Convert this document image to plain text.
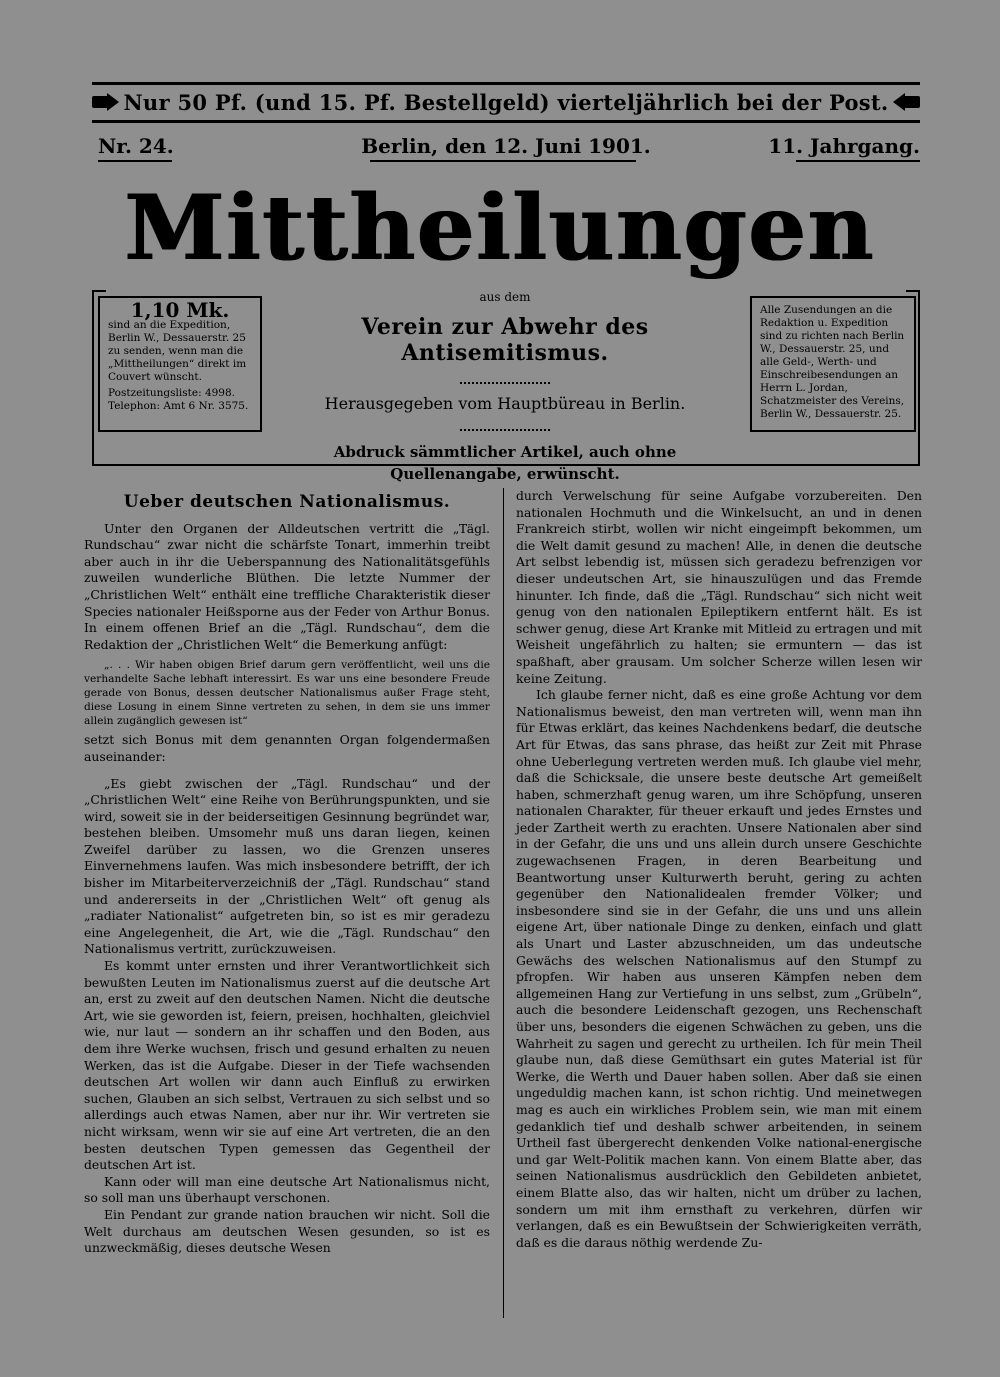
Nur 50 Pf. (und 15. Pf. Bestellgeld) vierteljährlich bei der Post.
Nr. 24.	Berlin, den 12. Juni 1901.	11. Jahrgang.
Mittheilungen
1,10 Mk.

sind an die Expedition, Berlin W., Dessauerstr. 25 zu senden, wenn man die „Mittheilungen“ direkt im Couvert wünscht.

Postzeitungsliste: 4998.

Telephon: Amt 6 Nr. 3575.

Alle Zusendungen an die Redaktion u. Expedition sind zu richten nach Berlin W., Dessauerstr. 25, und alle Geld-, Werth- und Einschreibesendungen an Herrn L. Jordan, Schatzmeister des Vereins, Berlin W., Dessauerstr. 25.

aus dem
Verein zur Abwehr des Antisemitismus.
Herausgegeben vom Hauptbüreau in Berlin.
Abdruck sämmtlicher Artikel, auch ohne Quellenangabe, erwünscht.
Ueber deutschen Nationalismus.

Unter den Organen der Alldeutschen vertritt die „Tägl. Rundschau“ zwar nicht die schärfste Tonart, immerhin treibt aber auch in ihr die Ueberspannung des Nationalitätsgefühls zuweilen wunderliche Blüthen. Die letzte Nummer der „Christlichen Welt“ enthält eine treffliche Charakteristik dieser Species nationaler Heißsporne aus der Feder von Arthur Bonus. In einem offenen Brief an die „Tägl. Rundschau“, dem die Redaktion der „Christlichen Welt“ die Bemerkung anfügt:

„. . . Wir haben obigen Brief darum gern veröffentlicht, weil uns die verhandelte Sache lebhaft interessirt. Es war uns eine besondere Freude gerade von Bonus, dessen deutscher Nationalismus außer Frage steht, diese Losung in einem Sinne vertreten zu sehen, in dem sie uns immer allein zugänglich gewesen ist“

setzt sich Bonus mit dem genannten Organ folgendermaßen auseinander:

„Es giebt zwischen der „Tägl. Rundschau“ und der „Christlichen Welt“ eine Reihe von Berührungspunkten, und sie wird, soweit sie in der beiderseitigen Gesinnung begründet war, bestehen bleiben. Umsomehr muß uns daran liegen, keinen Zweifel darüber zu lassen, wo die Grenzen unseres Einvernehmens laufen. Was mich insbesondere betrifft, der ich bisher im Mitarbeiterverzeichniß der „Tägl. Rundschau“ stand und andererseits in der „Christlichen Welt“ oft genug als „radiater Nationalist“ aufgetreten bin, so ist es mir geradezu eine Angelegenheit, die Art, wie die „Tägl. Rundschau“ den Nationalismus vertritt, zurückzuweisen.

Es kommt unter ernsten und ihrer Verantwortlichkeit sich bewußten Leuten im Nationalismus zuerst auf die deutsche Art an, erst zu zweit auf den deutschen Namen. Nicht die deutsche Art, wie sie geworden ist, feiern, preisen, hochhalten, gleichviel wie, nur laut — sondern an ihr schaffen und den Boden, aus dem ihre Werke wuchsen, frisch und gesund erhalten zu neuen Werken, das ist die Aufgabe. Dieser in der Tiefe wachsenden deutschen Art wollen wir dann auch Einfluß zu erwirken suchen, Glauben an sich selbst, Vertrauen zu sich selbst und so allerdings auch etwas Namen, aber nur ihr. Wir vertreten sie nicht wirksam, wenn wir sie auf eine Art vertreten, die an den besten deutschen Typen gemessen das Gegentheil der deutschen Art ist.

Kann oder will man eine deutsche Art Nationalismus nicht, so soll man uns überhaupt verschonen.

Ein Pendant zur grande nation brauchen wir nicht. Soll die Welt durchaus am deutschen Wesen gesunden, so ist es unzweckmäßig, dieses deutsche Wesen

durch Verwelschung für seine Aufgabe vorzubereiten. Den nationalen Hochmuth und die Winkelsucht, an und in denen Frankreich stirbt, wollen wir nicht eingeimpft bekommen, um die Welt damit gesund zu machen! Alle, in denen die deutsche Art selbst lebendig ist, müssen sich geradezu befrenzigen vor dieser undeutschen Art, sie hinauszulügen und das Fremde hinunter. Ich finde, daß die „Tägl. Rundschau“ sich nicht weit genug von den nationalen Epileptikern entfernt hält. Es ist schwer genug, diese Art Kranke mit Mitleid zu ertragen und mit Weisheit ungefährlich zu halten; sie ermuntern — das ist spaßhaft, aber grausam. Um solcher Scherze willen lesen wir keine Zeitung.

Ich glaube ferner nicht, daß es eine große Achtung vor dem Nationalismus beweist, den man vertreten will, wenn man ihn für Etwas erklärt, das keines Nachdenkens bedarf, die deutsche Art für Etwas, das sans phrase, das heißt zur Zeit mit Phrase ohne Ueberlegung vertreten werden muß. Ich glaube viel mehr, daß die Schicksale, die unsere beste deutsche Art gemeißelt haben, schmerzhaft genug waren, um ihre Schöpfung, unseren nationalen Charakter, für theuer erkauft und jedes Ernstes und jeder Zartheit werth zu erachten. Unsere Nationalen aber sind in der Gefahr, die uns und uns allein durch unsere Geschichte zugewachsenen Fragen, in deren Bearbeitung und Beantwortung unser Kulturwerth beruht, gering zu achten gegenüber den Nationalidealen fremder Völker; und insbesondere sind sie in der Gefahr, die uns und uns allein eigene Art, über nationale Dinge zu denken, einfach und glatt als Unart und Laster abzuschneiden, um das undeutsche Gewächs des welschen Nationalismus auf den Stumpf zu pfropfen. Wir haben aus unseren Kämpfen neben dem allgemeinen Hang zur Vertiefung in uns selbst, zum „Grübeln“, auch die besondere Leidenschaft gezogen, uns Rechenschaft über uns, besonders die eigenen Schwächen zu geben, uns die Wahrheit zu sagen und gerecht zu urtheilen. Ich für mein Theil glaube nun, daß diese Gemüthsart ein gutes Material ist für Werke, die Werth und Dauer haben sollen. Aber daß sie einen ungeduldig machen kann, ist schon richtig. Und meinetwegen mag es auch ein wirkliches Problem sein, wie man mit einem gedanklich tief und deshalb schwer arbeitenden, in seinem Urtheil fast übergerecht denkenden Volke national-energische und gar Welt-Politik machen kann. Von einem Blatte aber, das seinen Nationalismus ausdrücklich den Gebildeten anbietet, einem Blatte also, das wir halten, nicht um drüber zu lachen, sondern um mit ihm ernsthaft zu verkehren, dürfen wir verlangen, daß es ein Bewußtsein der Schwierigkeiten verräth, daß es die daraus nöthig werdende Zu-
